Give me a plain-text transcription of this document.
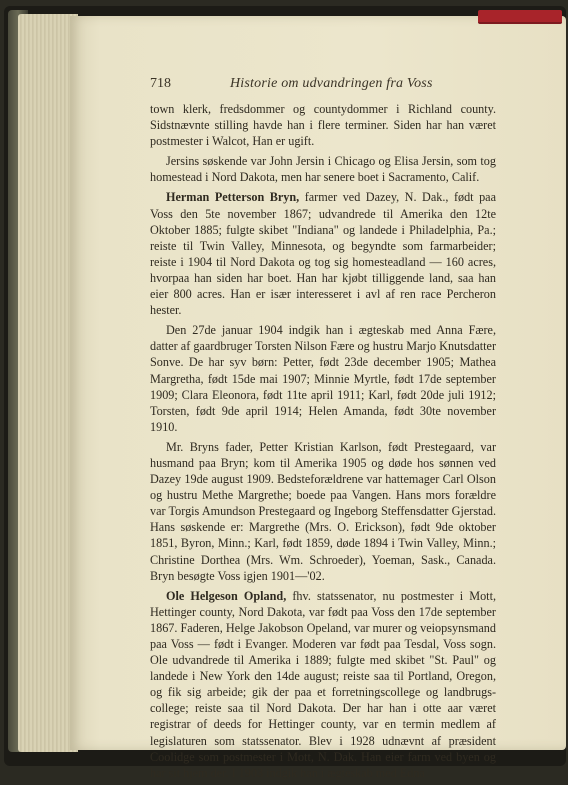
718	Historie om udvandringen fra Voss

town klerk, fredsdommer og countydommer i Richland county. Sidstnævnte stilling havde han i flere terminer. Siden har han været postmester i Walcot, Han er ugift.

Jersins søskende var John Jersin i Chicago og Elisa Jersin, som tog homestead i Nord Dakota, men har senere boet i Sacramento, Calif.

Herman Petterson Bryn, farmer ved Dazey, N. Dak., født paa Voss den 5te november 1867; udvandrede til Amerika den 12te Oktober 1885; fulgte skibet "Indiana" og landede i Philadelphia, Pa.; reiste til Twin Valley, Minnesota, og begyndte som farmarbeider; reiste i 1904 til Nord Dakota og tog sig homesteadland — 160 acres, hvorpaa han siden har boet. Han har kjøbt tilliggende land, saa han eier 800 acres. Han er især interesseret i avl af ren race Percheron hester.

Den 27de januar 1904 indgik han i ægteskab med Anna Fære, datter af gaardbruger Torsten Nilson Fære og hustru Marjo Knutsdatter Sonve. De har syv børn: Petter, født 23de december 1905; Mathea Margretha, født 15de mai 1907; Minnie Myrtle, født 17de september 1909; Clara Eleonora, født 11te april 1911; Karl, født 20de juli 1912; Torsten, født 9de april 1914; Helen Amanda, født 30te november 1910.

Mr. Bryns fader, Petter Kristian Karlson, født Prestegaard, var husmand paa Bryn; kom til Amerika 1905 og døde hos sønnen ved Dazey 19de august 1909. Bedsteforældrene var hattemager Carl Olson og hustru Methe Margrethe; boede paa Vangen. Hans mors forældre var Torgis Amundson Prestegaard og Ingeborg Steffensdatter Gjerstad. Hans søskende er: Margrethe (Mrs. O. Erickson), født 9de oktober 1851, Byron, Minn.; Karl, født 1859, døde 1894 i Twin Valley, Minn.; Christine Dorthea (Mrs. Wm. Schroeder), Yoeman, Sask., Canada. Bryn besøgte Voss igjen 1901—'02.

Ole Helgeson Opland, fhv. statssenator, nu postmester i Mott, Hettinger county, Nord Dakota, var født paa Voss den 17de september 1867. Faderen, Helge Jakobson Opeland, var murer og veiopsynsmand paa Voss — født i Evanger. Moderen var født paa Tesdal, Voss sogn. Ole udvandrede til Amerika i 1889; fulgte med skibet "St. Paul" og landede i New York den 14de august; reiste saa til Portland, Oregon, og fik sig arbeide; gik der paa et forretningscollege og landbrugs-college; reiste saa til Nord Dakota. Der har han i otte aar været registrar of deeds for Hettinger county, var en termin medlem af legislaturen som statssenator. Blev i 1928 udnævnt af præsident Coolidge som postmester i Mott, N. Dak. Han eier farm ved byen og har sit hjem der. I 1903 indgik han i ægteskab med Edna
